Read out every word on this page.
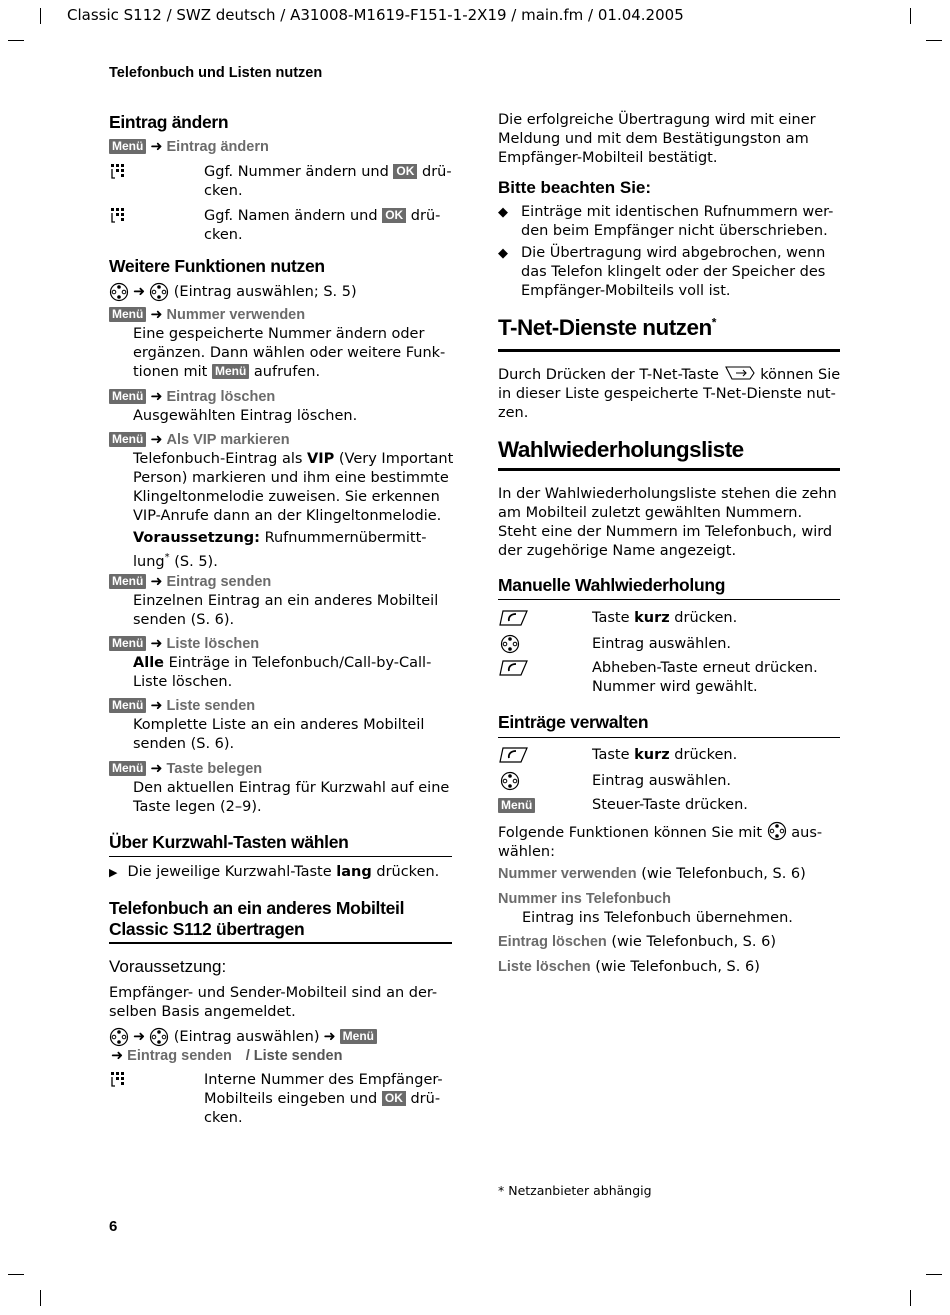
Classic S112 / SWZ deutsch / A31008-M1619-F151-1-2X19 / main.fm / 01.04.2005
Telefonbuch und Listen nutzen
Eintrag ändern
Menü ➜ Eintrag ändern
Ggf. Nummer ändern und OK drü-
cken.
Ggf. Namen ändern und OK drü-
cken.
Weitere Funktionen nutzen
➜ (Eintrag auswählen; S. 5)
Menü ➜ Nummer verwenden
Eine gespeicherte Nummer ändern oder
ergänzen. Dann wählen oder weitere Funk-
tionen mit Menü aufrufen.
Menü ➜ Eintrag löschen
Ausgewählten Eintrag löschen.
Menü ➜ Als VIP markieren
Telefonbuch-Eintrag als VIP (Very Important
Person) markieren und ihm eine bestimmte
Klingeltonmelodie zuweisen. Sie erkennen
VIP-Anrufe dann an der Klingeltonmelodie.
Voraussetzung: Rufnummernübermitt-
lung* (S. 5).
Menü ➜ Eintrag senden
Einzelnen Eintrag an ein anderes Mobilteil
senden (S. 6).
Menü ➜ Liste löschen
Alle Einträge in Telefonbuch/Call-by-Call-
Liste löschen.
Menü ➜ Liste senden
Komplette Liste an ein anderes Mobilteil
senden (S. 6).
Menü ➜ Taste belegen
Den aktuellen Eintrag für Kurzwahl auf eine
Taste legen (2–9).
Über Kurzwahl-Tasten wählen
▶ Die jeweilige Kurzwahl-Taste lang drücken.
Telefonbuch an ein anderes Mobilteil
Classic S112 übertragen
Voraussetzung:
Empfänger- und Sender-Mobilteil sind an der-
selben Basis angemeldet.
➜ (Eintrag auswählen) ➜ Menü
➜ Eintrag senden / Liste senden
Interne Nummer des Empfänger-
Mobilteils eingeben und OK drü-
cken.
6
Die erfolgreiche Übertragung wird mit einer
Meldung und mit dem Bestätigungston am
Empfänger-Mobilteil bestätigt.
Bitte beachten Sie:
◆ Einträge mit identischen Rufnummern wer-
den beim Empfänger nicht überschrieben.
◆ Die Übertragung wird abgebrochen, wenn
das Telefon klingelt oder der Speicher des
Empfänger-Mobilteils voll ist.
T-Net-Dienste nutzen*
Durch Drücken der T-Net-Taste	können Sie
in dieser Liste gespeicherte T-Net-Dienste nut-
zen.
Wahlwiederholungsliste
In der Wahlwiederholungsliste stehen die zehn
am Mobilteil zuletzt gewählten Nummern.
Steht eine der Nummern im Telefonbuch, wird
der zugehörige Name angezeigt.
Manuelle Wahlwiederholung
Taste kurz drücken.
Eintrag auswählen.
Abheben-Taste erneut drücken.
Nummer wird gewählt.
Einträge verwalten
Taste kurz drücken.
Eintrag auswählen.
Menü	Steuer-Taste drücken.
Folgende Funktionen können Sie mit aus-
wählen:
Nummer verwenden (wie Telefonbuch, S. 6)
Nummer ins Telefonbuch
Eintrag ins Telefonbuch übernehmen.
Eintrag löschen (wie Telefonbuch, S. 6)
Liste löschen (wie Telefonbuch, S. 6)
* Netzanbieter abhängig
